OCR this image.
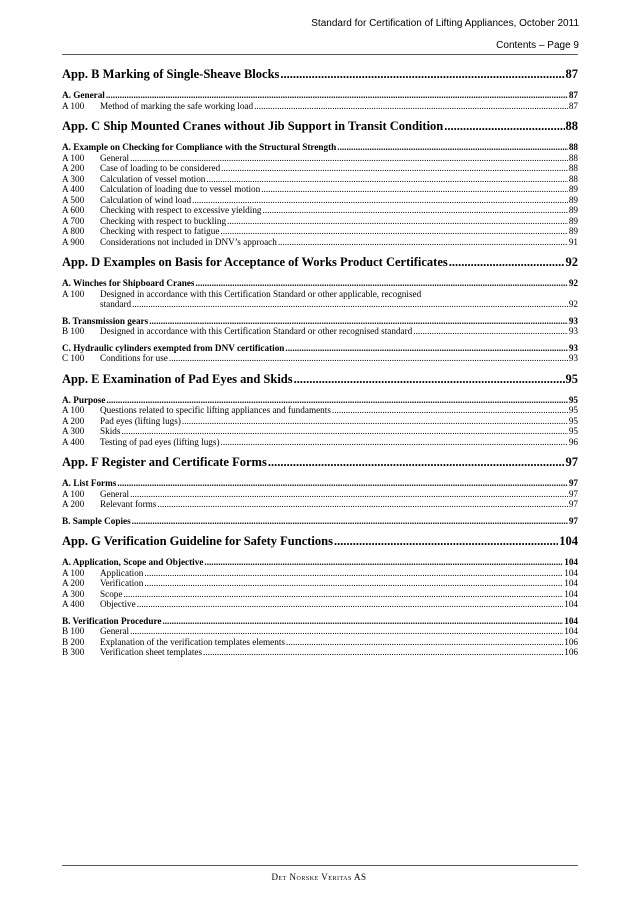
Standard for Certification of Lifting Appliances, October 2011
Contents – Page 9
App. B Marking of Single-Sheave Blocks .....	87
A. General .....	87
A 100	Method of marking the safe working load .....	87
App. C Ship Mounted Cranes without Jib Support in Transit Condition .....	88
A. Example on Checking for Compliance with the Structural Strength .....	88
A 100	General .....	88
A 200	Case of loading to be considered .....	88
A 300	Calculation of vessel motion .....	88
A 400	Calculation of loading due to vessel motion .....	89
A 500	Calculation of wind load .....	89
A 600	Checking with respect to excessive yielding .....	89
A 700	Checking with respect to buckling .....	89
A 800	Checking with respect to fatigue .....	89
A 900	Considerations not included in DNV’s approach .....	91
App. D Examples on Basis for Acceptance of Works Product Certificates .....	92
A. Winches for Shipboard Cranes .....	92
A 100	Designed in accordance with this Certification Standard or other applicable, recognised
standard .....	92
B. Transmission gears .....	93
B 100	Designed in accordance with this Certification Standard or other recognised standard .....	93
C. Hydraulic cylinders exempted from DNV certification .....	93
C 100	Conditions for use .....	93
App. E Examination of Pad Eyes and Skids .....	95
A. Purpose .....	95
A 100	Questions related to specific lifting appliances and fundaments .....	95
A 200	Pad eyes (lifting lugs) .....	95
A 300	Skids .....	95
A 400	Testing of pad eyes (lifting lugs) .....	96
App. F Register and Certificate Forms .....	97
A. List Forms .....	97
A 100	General .....	97
A 200	Relevant forms .....	97
B. Sample Copies .....	97
App. G Verification Guideline for Safety Functions .....	104
A. Application, Scope and Objective .....	104
A 100	Application .....	104
A 200	Verification .....	104
A 300	Scope .....	104
A 400	Objective .....	104
B. Verification Procedure .....	104
B 100	General .....	104
B 200	Explanation of the verification templates elements .....	106
B 300	Verification sheet templates .....	106
Det Norske Veritas AS
